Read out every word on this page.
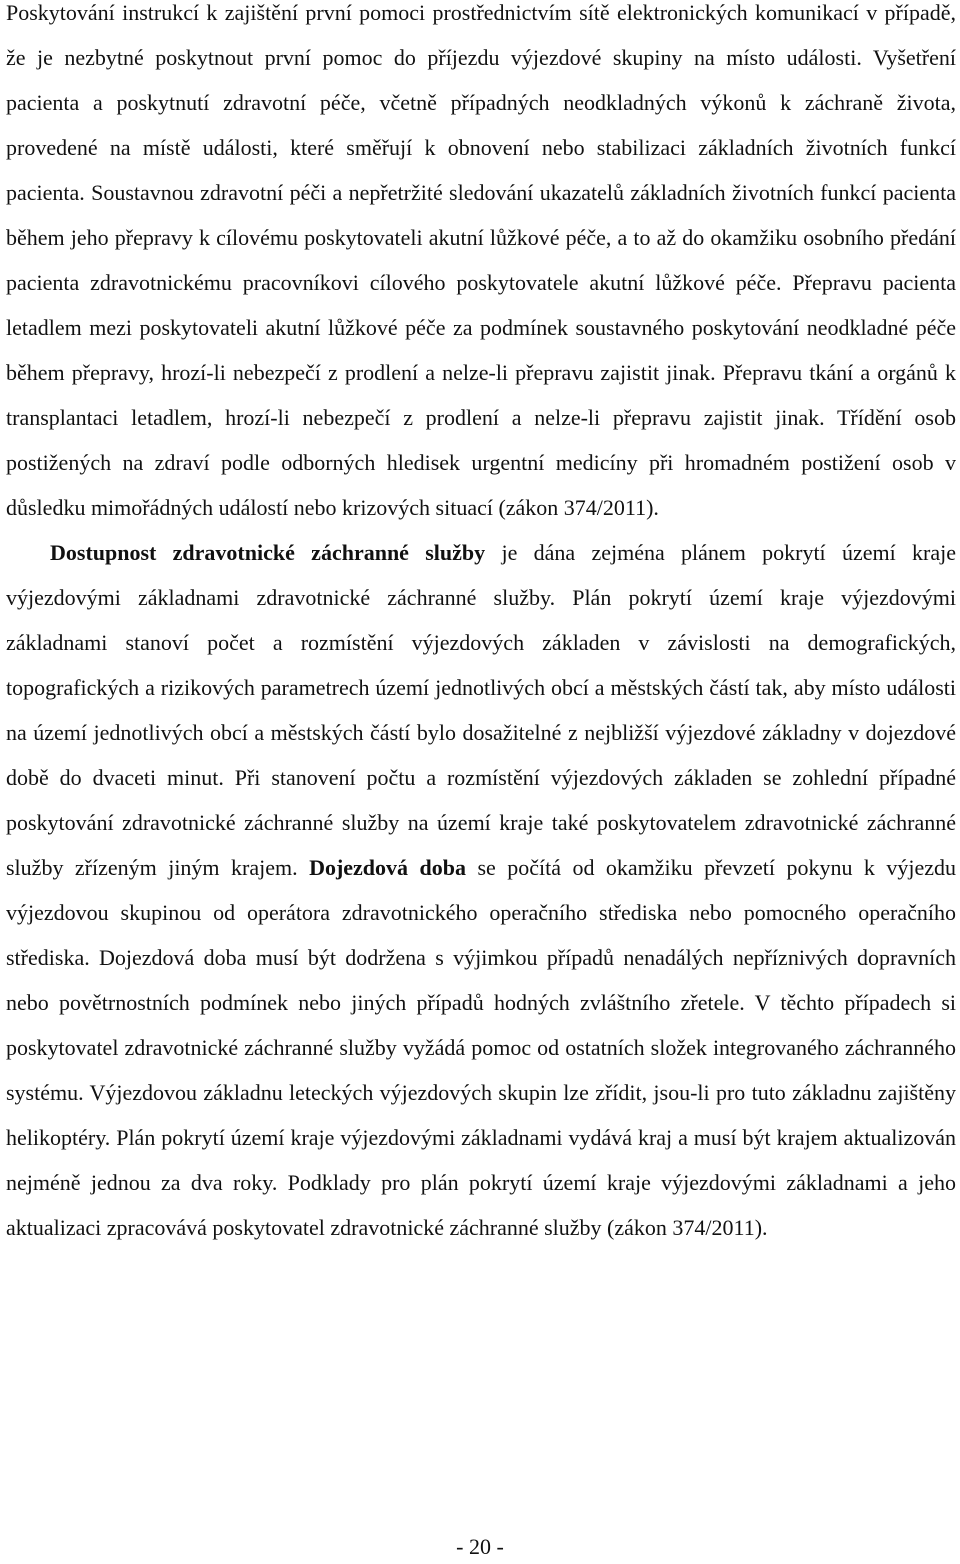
Poskytování instrukcí k zajištění první pomoci prostřednictvím sítě elektronických komunikací v případě, že je nezbytné poskytnout první pomoc do příjezdu výjezdové skupiny na místo události. Vyšetření pacienta a poskytnutí zdravotní péče, včetně případných neodkladných výkonů k záchraně života, provedené na místě události, které směřují k obnovení nebo stabilizaci základních životních funkcí pacienta. Soustavnou zdravotní péči a nepřetržité sledování ukazatelů základních životních funkcí pacienta během jeho přepravy k cílovému poskytovateli akutní lůžkové péče, a to až do okamžiku osobního předání pacienta zdravotnickému pracovníkovi cílového poskytovatele akutní lůžkové péče. Přepravu pacienta letadlem mezi poskytovateli akutní lůžkové péče za podmínek soustavného poskytování neodkladné péče během přepravy, hrozí-li nebezpečí z prodlení a nelze-li přepravu zajistit jinak. Přepravu tkání a orgánů k transplantaci letadlem, hrozí-li nebezpečí z prodlení a nelze-li přepravu zajistit jinak. Třídění osob postižených na zdraví podle odborných hledisek urgentní medicíny při hromadném postižení osob v důsledku mimořádných událostí nebo krizových situací (zákon 374/2011).

Dostupnost zdravotnické záchranné služby je dána zejména plánem pokrytí území kraje výjezdovými základnami zdravotnické záchranné služby. Plán pokrytí území kraje výjezdovými základnami stanoví počet a rozmístění výjezdových základen v závislosti na demografických, topografických a rizikových parametrech území jednotlivých obcí a městských částí tak, aby místo události na území jednotlivých obcí a městských částí bylo dosažitelné z nejbližší výjezdové základny v dojezdové době do dvaceti minut. Při stanovení počtu a rozmístění výjezdových základen se zohlední případné poskytování zdravotnické záchranné služby na území kraje také poskytovatelem zdravotnické záchranné služby zřízeným jiným krajem. Dojezdová doba se počítá od okamžiku převzetí pokynu k výjezdu výjezdovou skupinou od operátora zdravotnického operačního střediska nebo pomocného operačního střediska. Dojezdová doba musí být dodržena s výjimkou případů nenadálých nepříznivých dopravních nebo povětrnostních podmínek nebo jiných případů hodných zvláštního zřetele. V těchto případech si poskytovatel zdravotnické záchranné služby vyžádá pomoc od ostatních složek integrovaného záchranného systému. Výjezdovou základnu leteckých výjezdových skupin lze zřídit, jsou-li pro tuto základnu zajištěny helikoptéry. Plán pokrytí území kraje výjezdovými základnami vydává kraj a musí být krajem aktualizován nejméně jednou za dva roky. Podklady pro plán pokrytí území kraje výjezdovými základnami a jeho aktualizaci zpracovává poskytovatel zdravotnické záchranné služby (zákon 374/2011).

- 20 -
